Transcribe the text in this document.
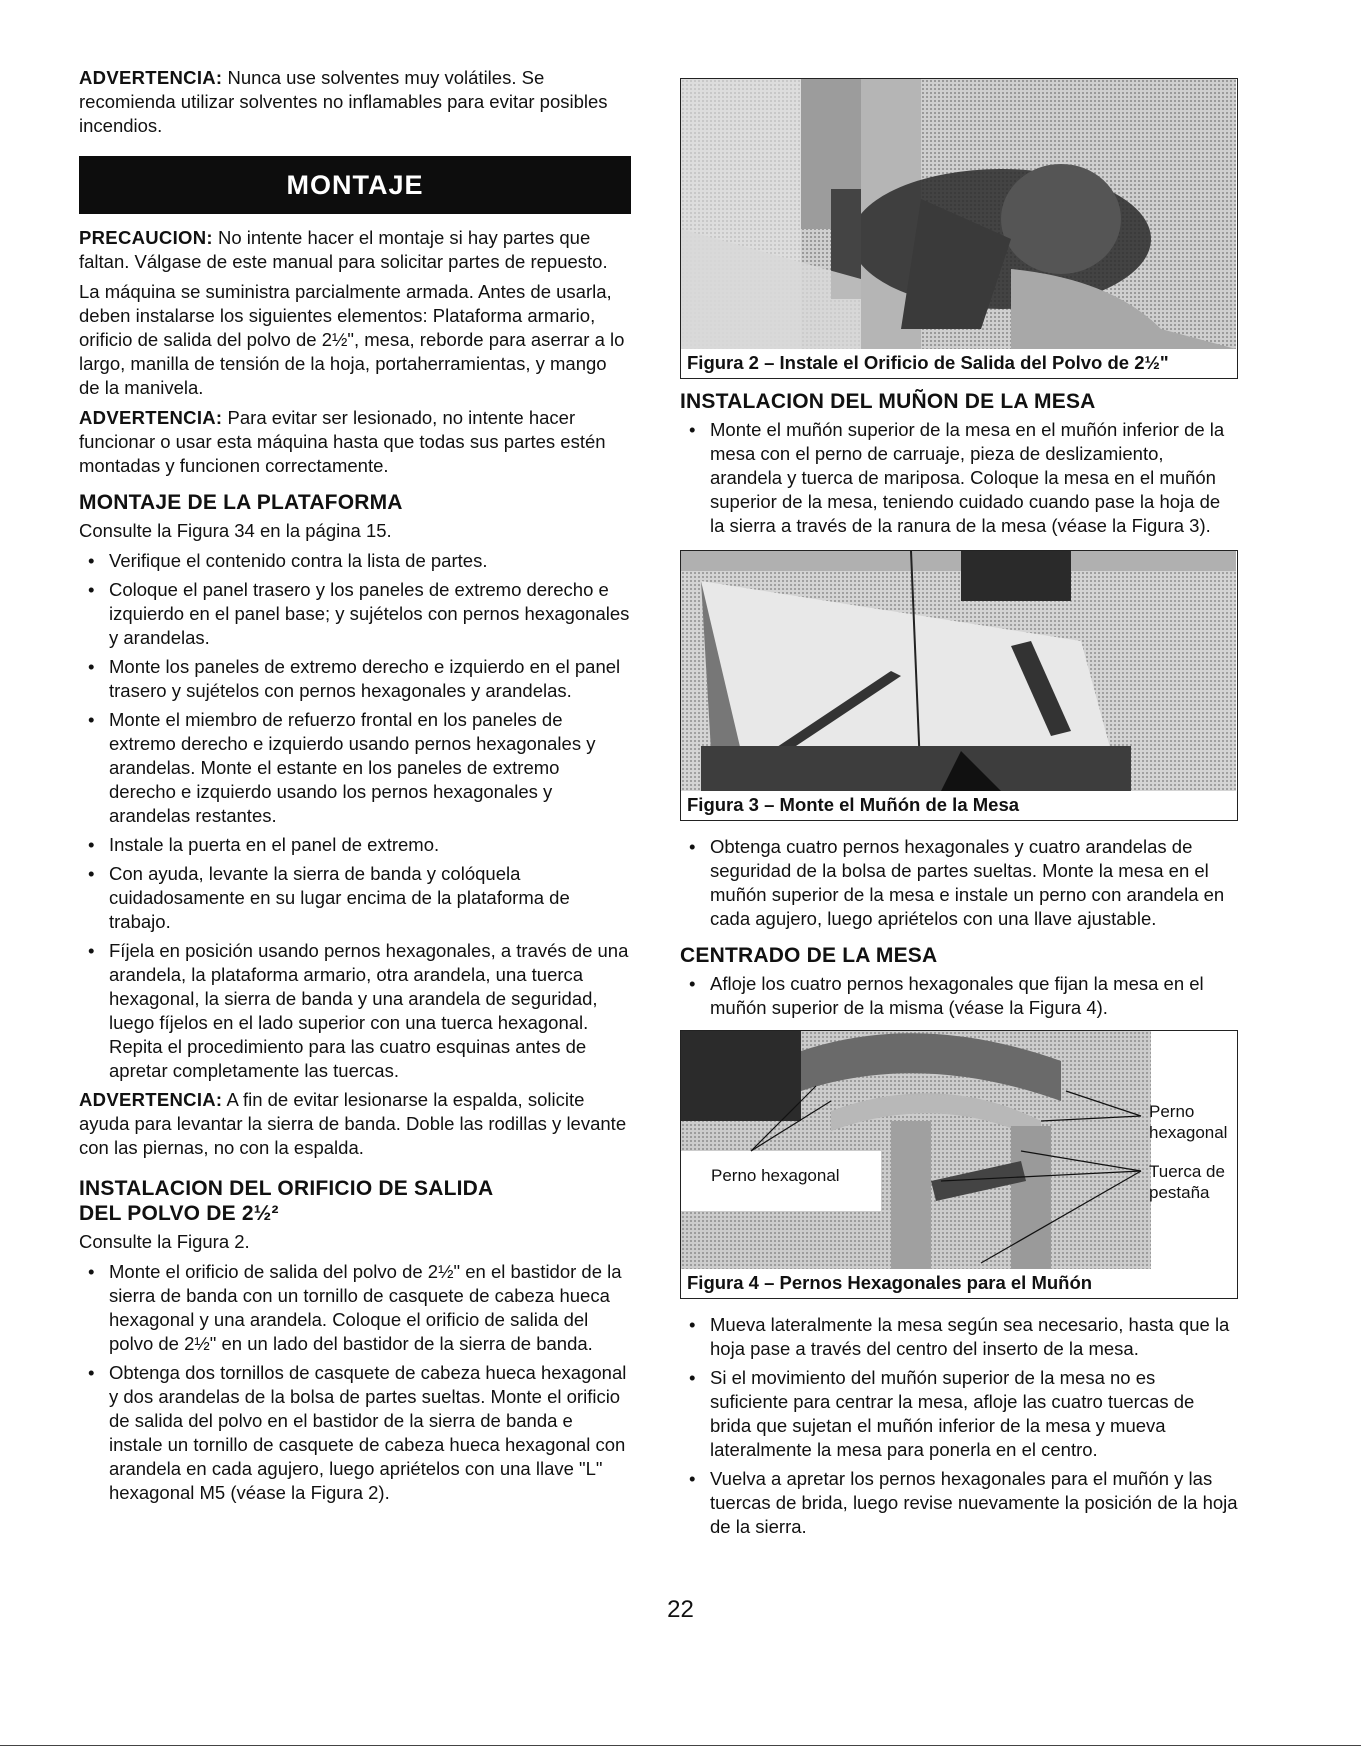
ADVERTENCIA: Nunca use solventes muy volátiles. Se recomienda utilizar solventes no inflamables para evitar posibles incendios.

MONTAJE

PRECAUCION: No intente hacer el montaje si hay partes que faltan. Válgase de este manual para solicitar partes de repuesto.

La máquina se suministra parcialmente armada. Antes de usarla, deben instalarse los siguientes elementos: Plataforma armario, orificio de salida del polvo de 2½", mesa, reborde para aserrar a lo largo, manilla de tensión de la hoja, portaherramientas, y mango de la manivela.

ADVERTENCIA: Para evitar ser lesionado, no intente hacer funcionar o usar esta máquina hasta que todas sus partes estén montadas y funcionen correctamente.

MONTAJE DE LA PLATAFORMA

Consulte la Figura 34 en la página 15.

• Verifique el contenido contra la lista de partes.
• Coloque el panel trasero y los paneles de extremo derecho e izquierdo en el panel base; y sujételos con pernos hexagonales y arandelas.
• Monte los paneles de extremo derecho e izquierdo en el panel trasero y sujételos con pernos hexagonales y arandelas.
• Monte el miembro de refuerzo frontal en los paneles de extremo derecho e izquierdo usando pernos hexagonales y arandelas. Monte el estante en los paneles de extremo derecho e izquierdo usando los pernos hexagonales y arandelas restantes.
• Instale la puerta en el panel de extremo.
• Con ayuda, levante la sierra de banda y colóquela cuidadosamente en su lugar encima de la plataforma de trabajo.
• Fíjela en posición usando pernos hexagonales, a través de una arandela, la plataforma armario, otra arandela, una tuerca hexagonal, la sierra de banda y una arandela de seguridad, luego fíjelos en el lado superior con una tuerca hexagonal. Repita el procedimiento para las cuatro esquinas antes de apretar completamente las tuercas.

ADVERTENCIA: A fin de evitar lesionarse la espalda, solicite ayuda para levantar la sierra de banda. Doble las rodillas y levante con las piernas, no con la espalda.

INSTALACION DEL ORIFICIO DE SALIDA
DEL POLVO DE 2½²

Consulte la Figura 2.

• Monte el orificio de salida del polvo de 2½" en el bastidor de la sierra de banda con un tornillo de casquete de cabeza hueca hexagonal y una arandela. Coloque el orificio de salida del polvo de 2½" en un lado del bastidor de la sierra de banda.
• Obtenga dos tornillos de casquete de cabeza hueca hexagonal y dos arandelas de la bolsa de partes sueltas. Monte el orificio de salida del polvo en el bastidor de la sierra de banda e instale un tornillo de casquete de cabeza hueca hexagonal con arandela en cada agujero, luego apriételos con una llave "L" hexagonal M5 (véase la Figura 2).
Figura 2 – Instale el Orificio de Salida del Polvo de 2½"
INSTALACION DEL MUÑON DE LA MESA
• Monte el muñón superior de la mesa en el muñón inferior de la mesa con el perno de carruaje, pieza de deslizamiento, arandela y tuerca de mariposa. Coloque la mesa en el muñón superior de la mesa, teniendo cuidado cuando pase la hoja de la sierra a través de la ranura de la mesa (véase la Figura 3).
Figura 3 – Monte el Muñón de la Mesa
• Obtenga cuatro pernos hexagonales y cuatro arandelas de seguridad de la bolsa de partes sueltas. Monte la mesa en el muñón superior de la mesa e instale un perno con arandela en cada agujero, luego apriételos con una llave ajustable.
CENTRADO DE LA MESA
• Afloje los cuatro pernos hexagonales que fijan la mesa en el muñón superior de la misma (véase la Figura 4).
Perno hexagonal
Perno
hexagonal
Tuerca de
pestaña
Figura 4 – Pernos Hexagonales para el Muñón
• Mueva lateralmente la mesa según sea necesario, hasta que la hoja pase a través del centro del inserto de la mesa.
• Si el movimiento del muñón superior de la mesa no es suficiente para centrar la mesa, afloje las cuatro tuercas de brida que sujetan el muñón inferior de la mesa y mueva lateralmente la mesa para ponerla en el centro.
• Vuelva a apretar los pernos hexagonales para el muñón y las tuercas de brida, luego revise nuevamente la posición de la hoja de la sierra.
22
